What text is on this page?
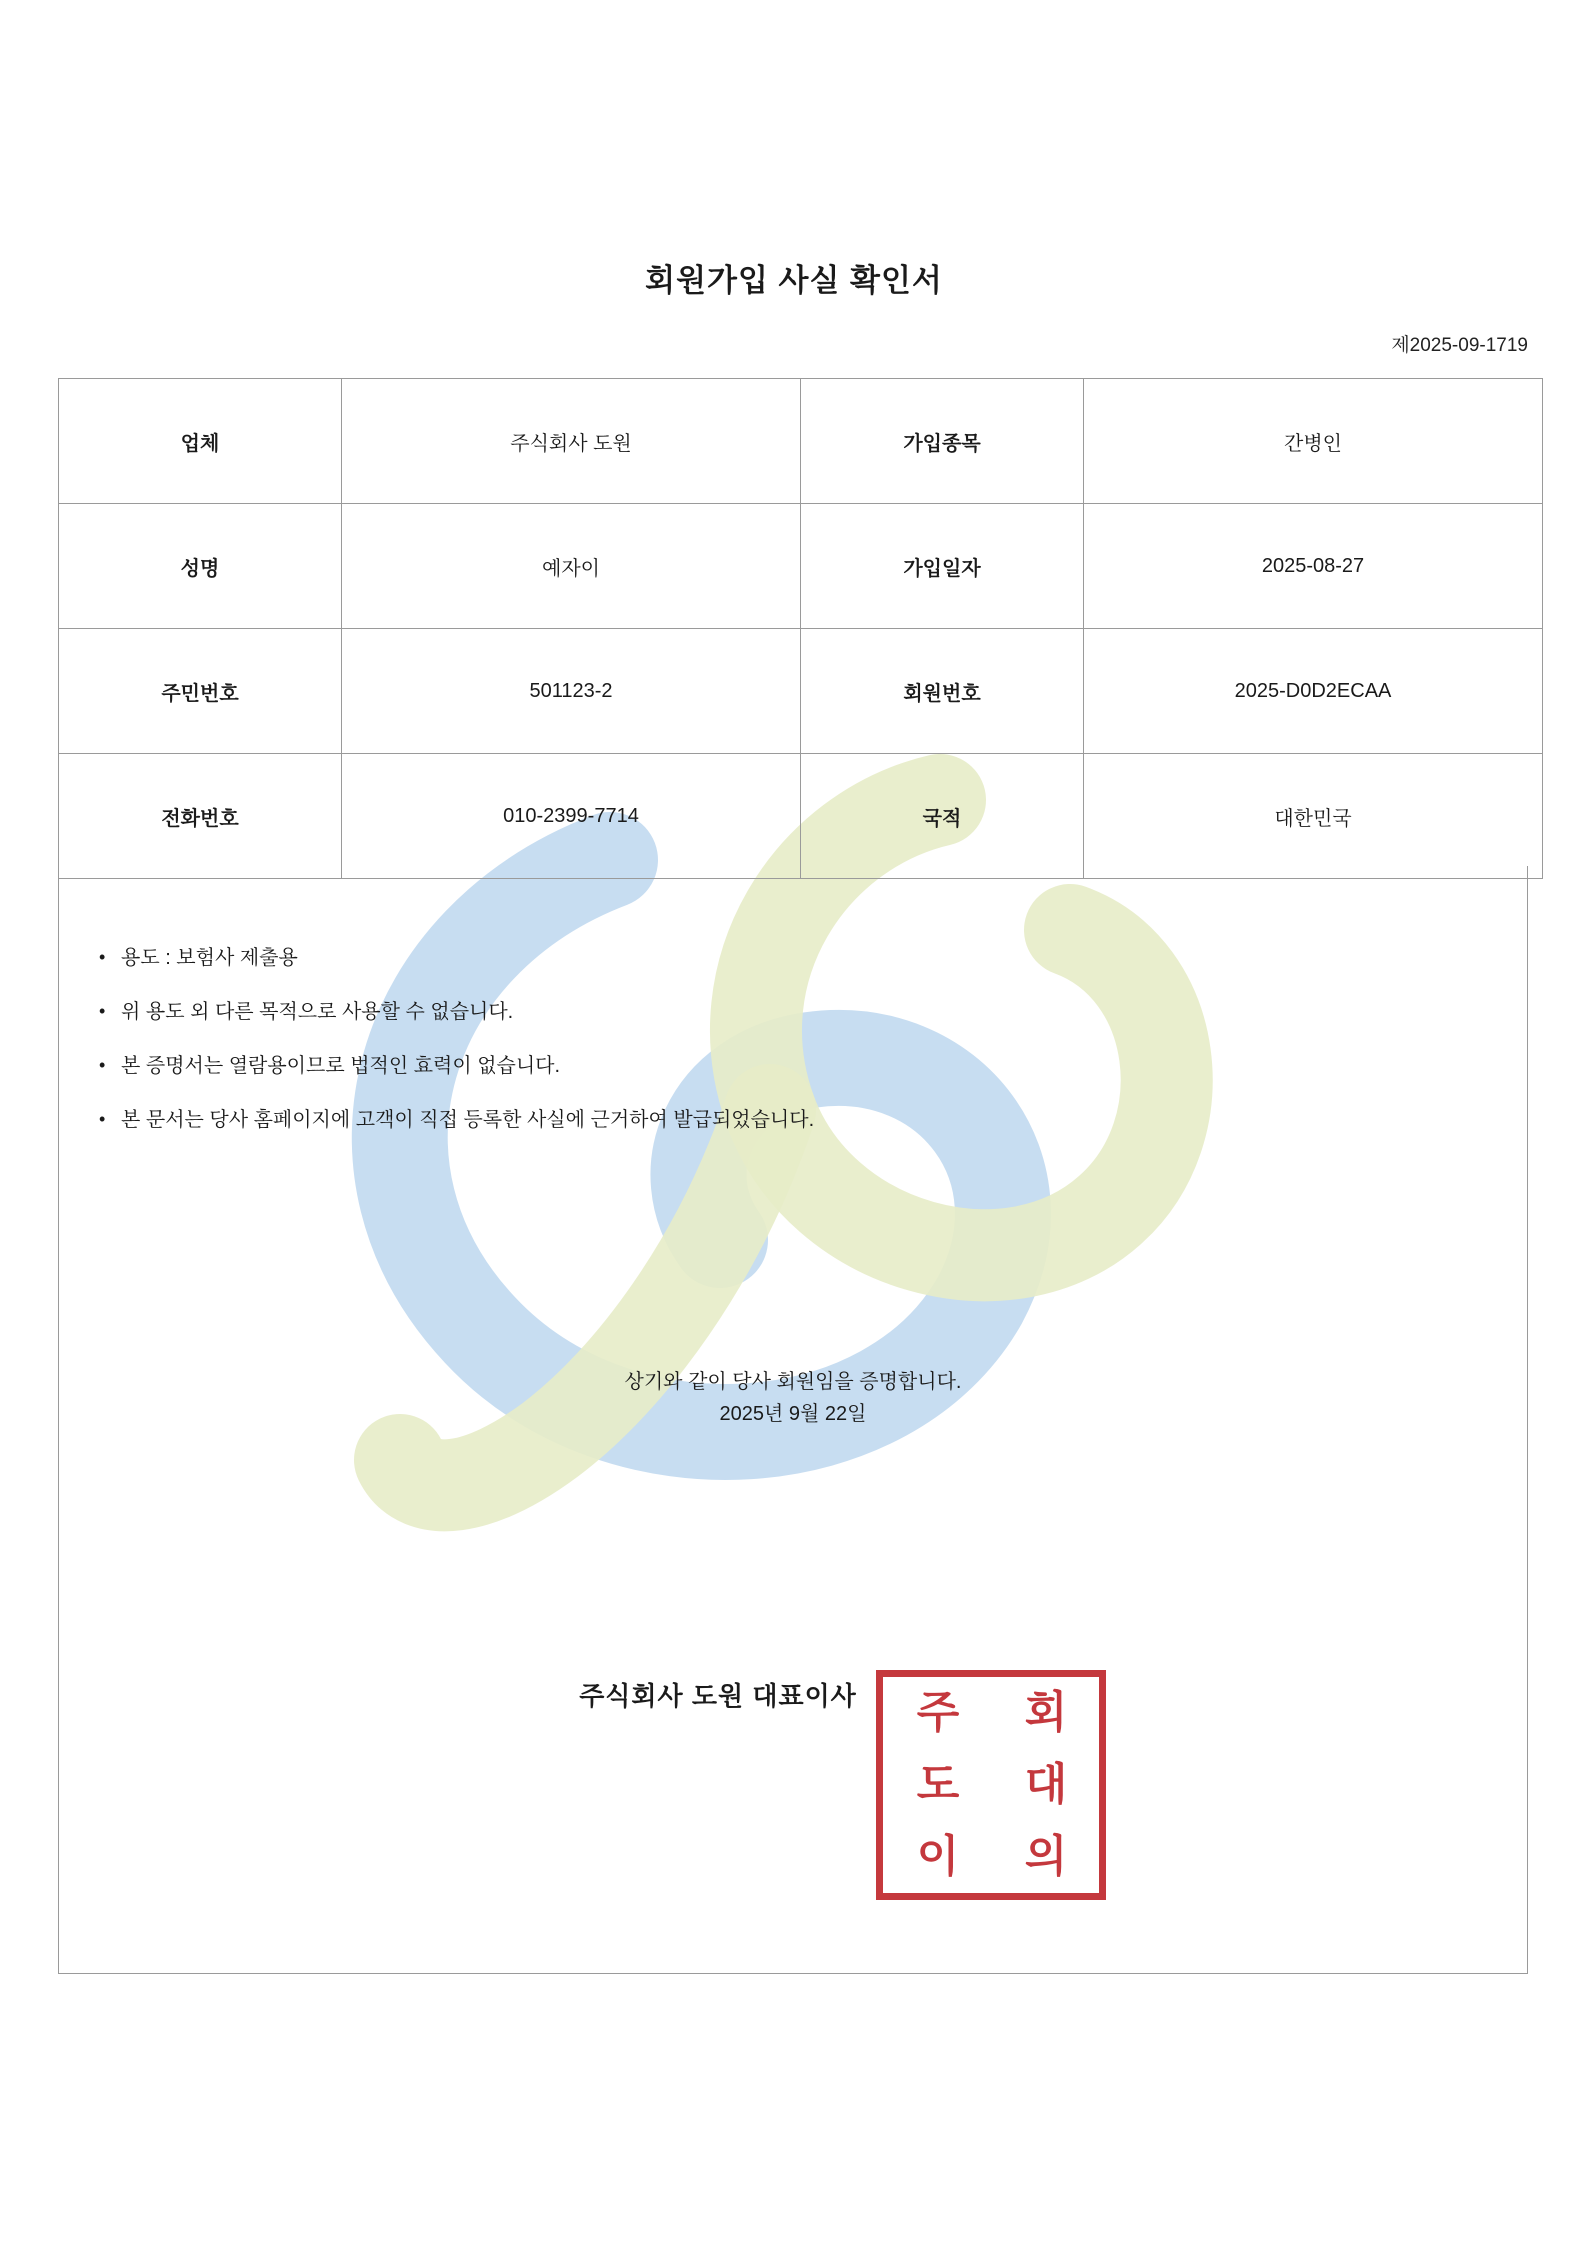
회원가입 사실 확인서
제2025-09-1719
업체	주식회사 도원	가입종목	간병인
성명	예자이	가입일자	2025-08-27
주민번호	501123-2	회원번호	2025-D0D2ECAA
전화번호	010-2399-7714	국적	대한민국
• 용도 : 보험사 제출용
• 위 용도 외 다른 목적으로 사용할 수 없습니다.
• 본 증명서는 열람용이므로 법적인 효력이 없습니다.
• 본 문서는 당사 홈페이지에 고객이 직접 등록한 사실에 근거하여 발급되었습니다.
상기와 같이 당사 회원임을 증명합니다.
2025년 9월 22일
주식회사 도원 대표이사	주 회
도 대
이 의
